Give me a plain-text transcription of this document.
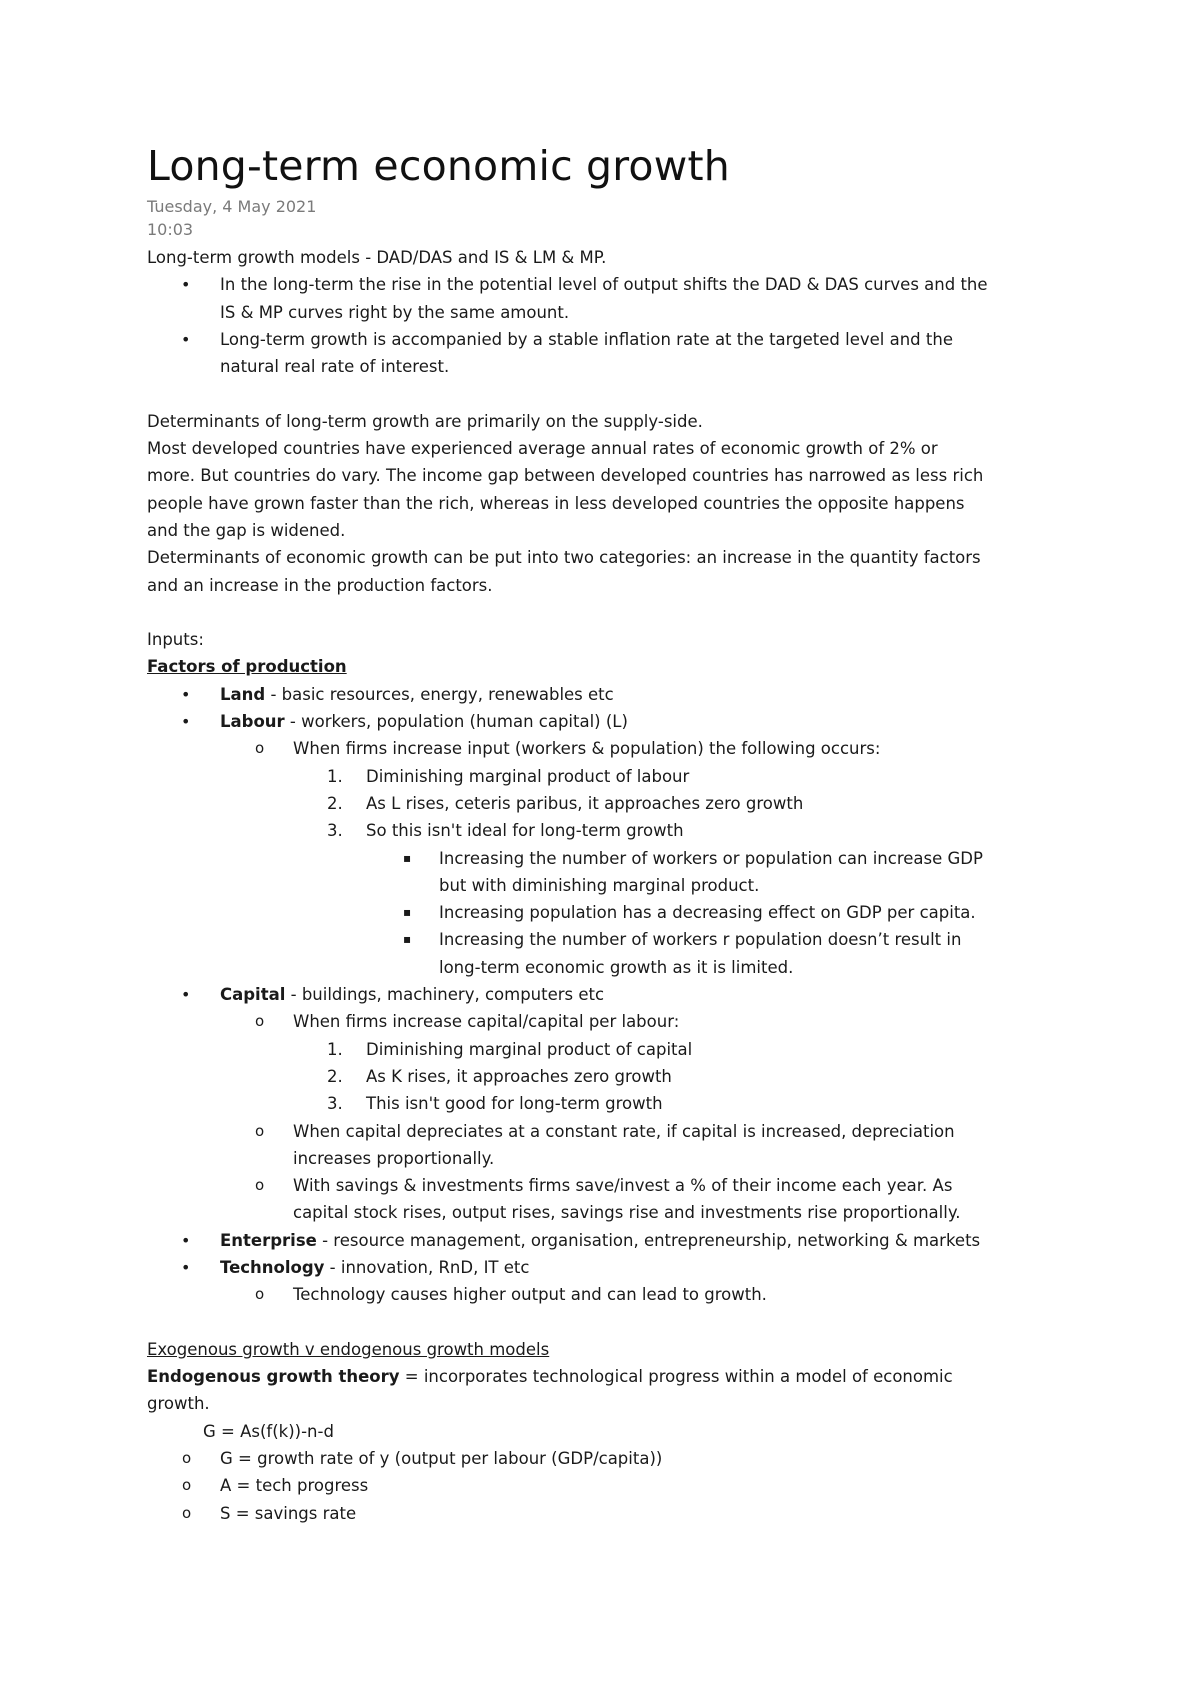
Long-term economic growth
Tuesday, 4 May 2021
10:03
Long-term growth models - DAD/DAS and IS & LM & MP.
• In the long-term the rise in the potential level of output shifts the DAD & DAS curves and the
IS & MP curves right by the same amount.
• Long-term growth is accompanied by a stable inflation rate at the targeted level and the
natural real rate of interest.
Determinants of long-term growth are primarily on the supply-side.
Most developed countries have experienced average annual rates of economic growth of 2% or
more. But countries do vary. The income gap between developed countries has narrowed as less rich
people have grown faster than the rich, whereas in less developed countries the opposite happens
and the gap is widened.
Determinants of economic growth can be put into two categories: an increase in the quantity factors
and an increase in the production factors.
Inputs:
Factors of production
• Land - basic resources, energy, renewables etc
• Labour - workers, population (human capital) (L)
o When firms increase input (workers & population) the following occurs:
1. Diminishing marginal product of labour
2. As L rises, ceteris paribus, it approaches zero growth
3. So this isn't ideal for long-term growth
▪ Increasing the number of workers or population can increase GDP
but with diminishing marginal product.
▪ Increasing population has a decreasing effect on GDP per capita.
▪ Increasing the number of workers r population doesn’t result in
long-term economic growth as it is limited.
• Capital - buildings, machinery, computers etc
o When firms increase capital/capital per labour:
1. Diminishing marginal product of capital
2. As K rises, it approaches zero growth
3. This isn't good for long-term growth
o When capital depreciates at a constant rate, if capital is increased, depreciation
increases proportionally.
o With savings & investments firms save/invest a % of their income each year. As
capital stock rises, output rises, savings rise and investments rise proportionally.
• Enterprise - resource management, organisation, entrepreneurship, networking & markets
• Technology - innovation, RnD, IT etc
o Technology causes higher output and can lead to growth.
Exogenous growth v endogenous growth models
Endogenous growth theory = incorporates technological progress within a model of economic
growth.
G = As(f(k))-n-d
o G = growth rate of y (output per labour (GDP/capita))
o A = tech progress
o S = savings rate
